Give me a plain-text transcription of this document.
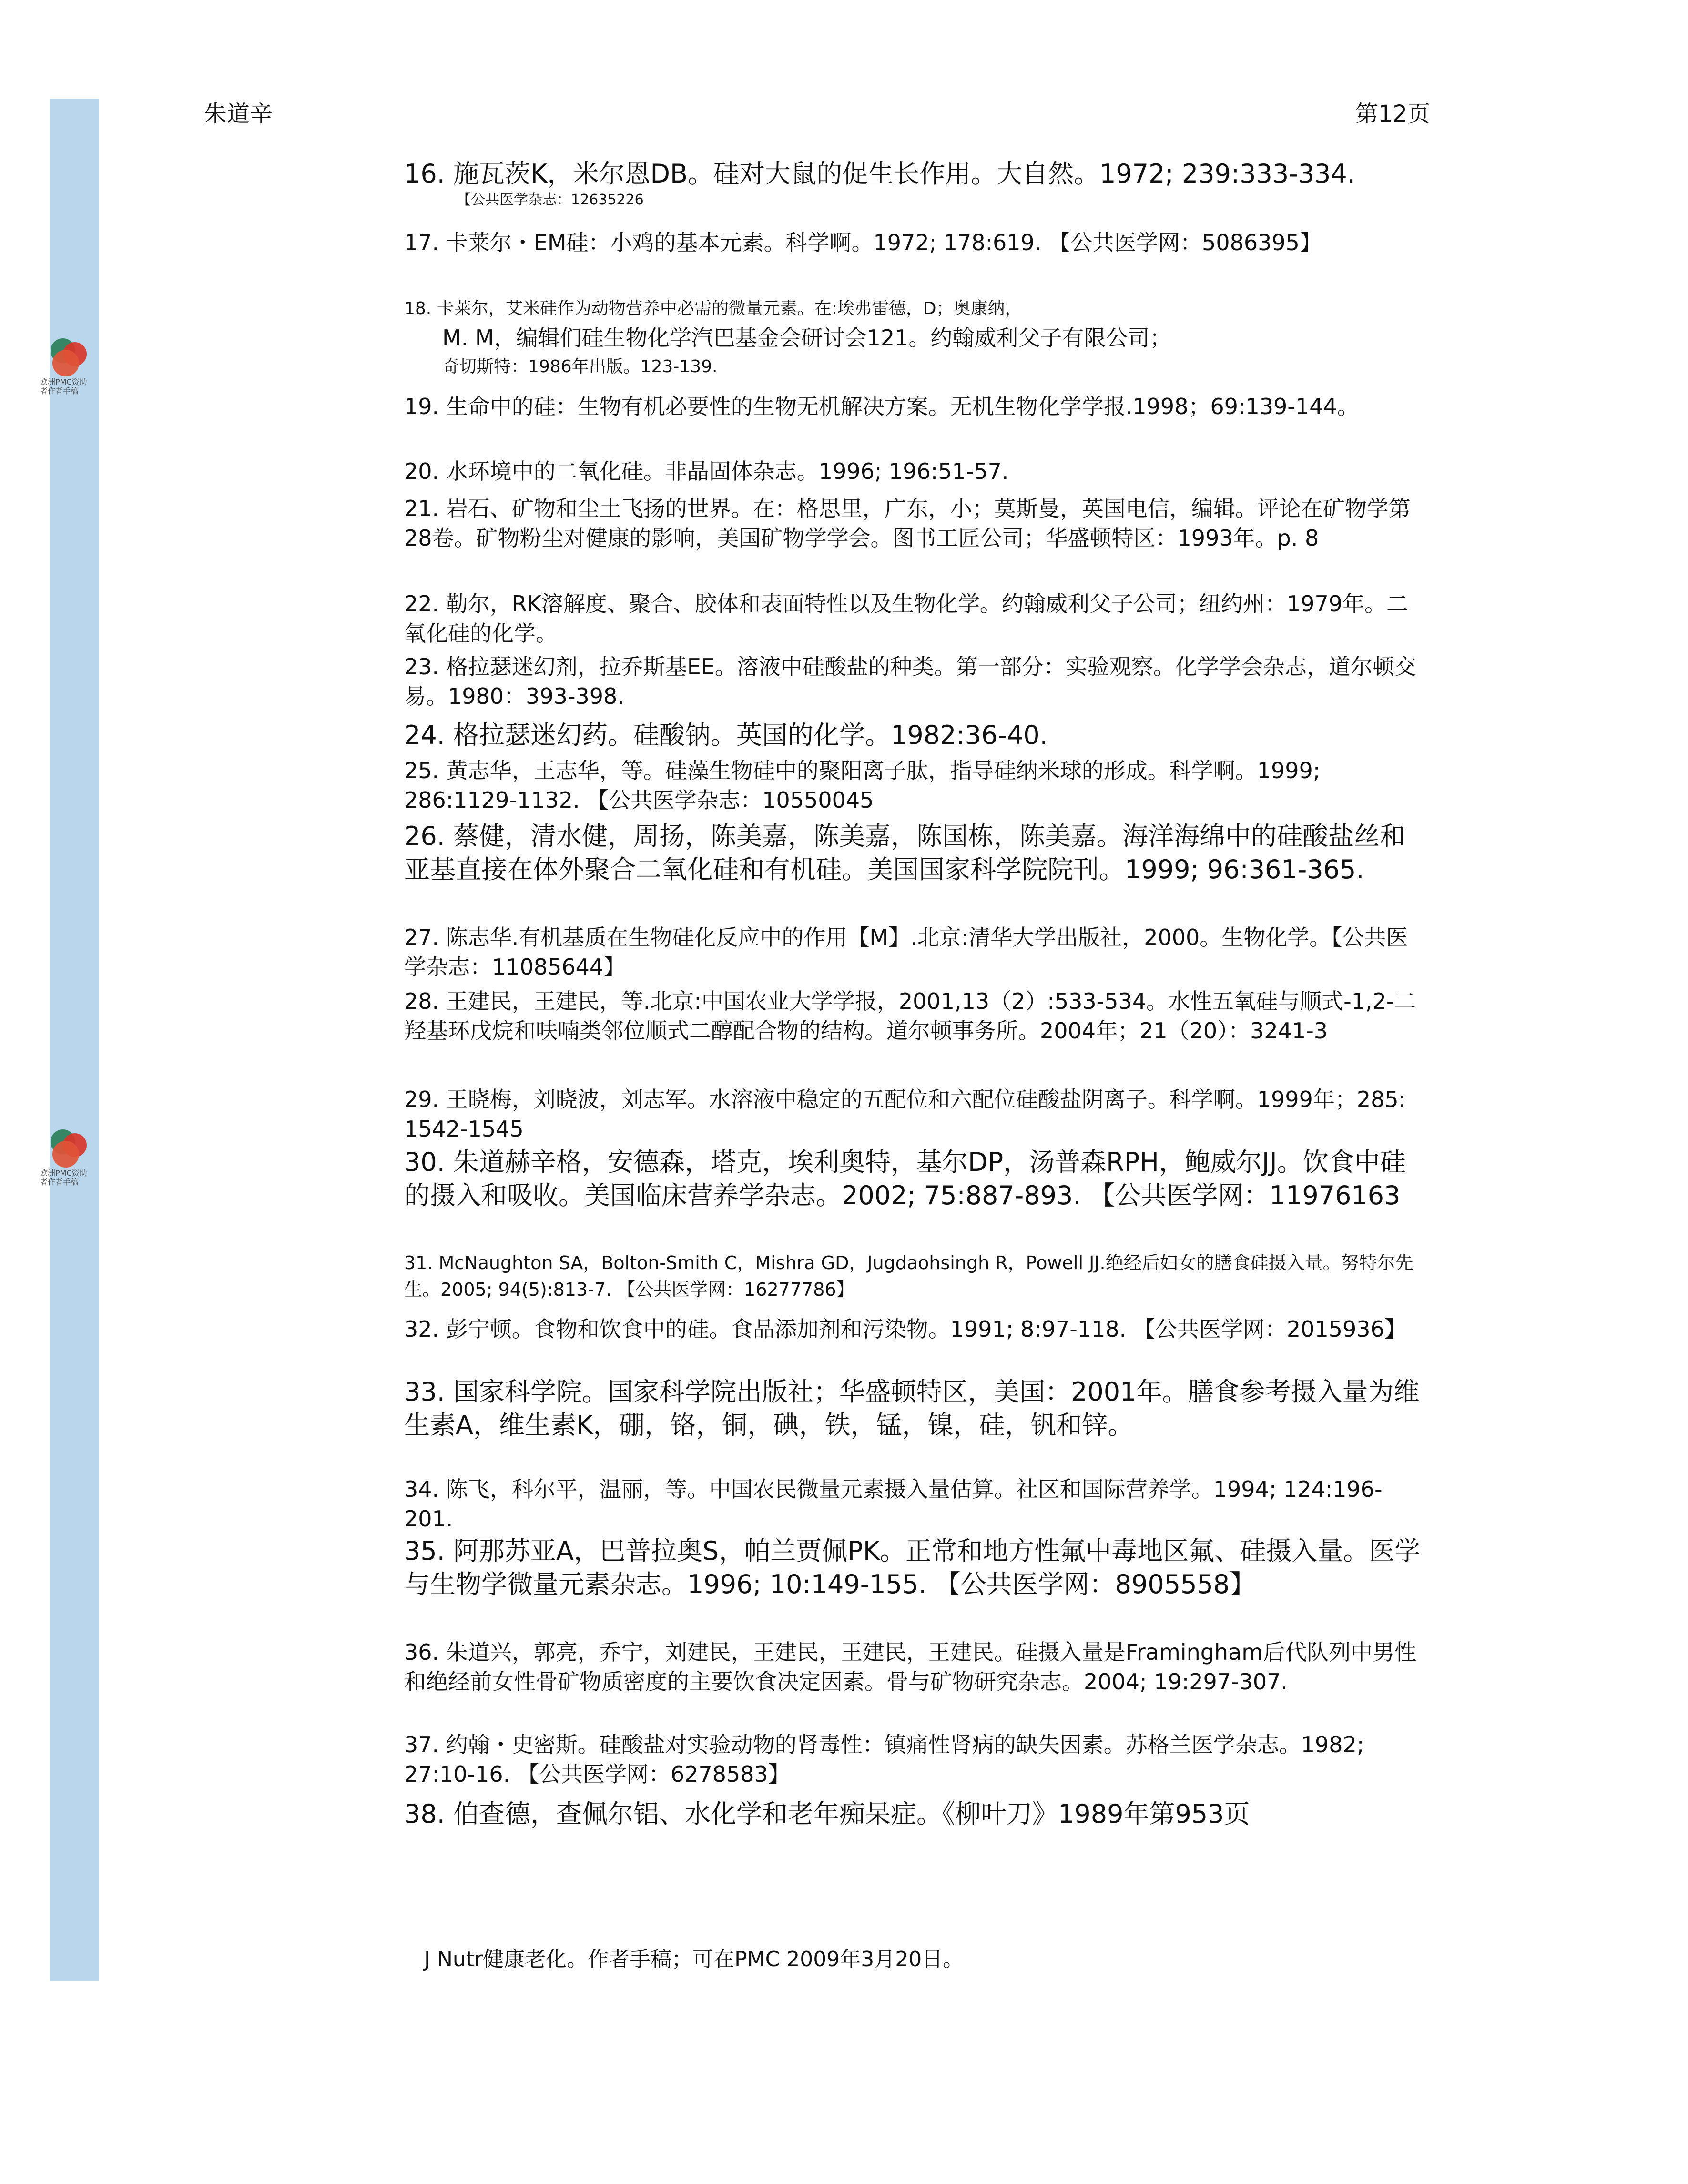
欧洲PMC资助者作者手稿
欧洲PMC资助者作者手稿
朱道辛	第12页
16. 施瓦茨K，米尔恩DB。硅对大鼠的促生长作用。大自然。1972; 239:333-334.
【公共医学杂志：12635226
17. 卡莱尔・EM硅：小鸡的基本元素。科学啊。1972; 178:619. 【公共医学网：5086395】
18. 卡莱尔，艾米硅作为动物营养中必需的微量元素。在:埃弗雷德，D；奥康纳，
M. M，编辑们硅生物化学汽巴基金会研讨会121。约翰威利父子有限公司；
奇切斯特：1986年出版。123-139.
19. 生命中的硅：生物有机必要性的生物无机解决方案。无机生物化学学报.1998；69:139-144。
20. 水环境中的二氧化硅。非晶固体杂志。1996; 196:51-57.
21. 岩石、矿物和尘土飞扬的世界。在：格思里，广东，小；莫斯曼，英国电信，编辑。评论在矿物学第28卷。矿物粉尘对健康的影响，美国矿物学学会。图书工匠公司；华盛顿特区：1993年。p. 8
22. 勒尔，RK溶解度、聚合、胶体和表面特性以及生物化学。约翰威利父子公司；纽约州：1979年。二氧化硅的化学。
23. 格拉瑟迷幻剂，拉乔斯基EE。溶液中硅酸盐的种类。第一部分：实验观察。化学学会杂志，道尔顿交易。1980：393-398.
24. 格拉瑟迷幻药。硅酸钠。英国的化学。1982:36-40.
25. 黄志华，王志华，等。硅藻生物硅中的聚阳离子肽，指导硅纳米球的形成。科学啊。1999; 286:1129-1132. 【公共医学杂志：10550045
26. 蔡健，清水健，周扬，陈美嘉，陈美嘉，陈国栋，陈美嘉。海洋海绵中的硅酸盐丝和亚基直接在体外聚合二氧化硅和有机硅。美国国家科学院院刊。1999; 96:361-365.
27. 陈志华.有机基质在生物硅化反应中的作用【M】.北京:清华大学出版社，2000。生物化学。【公共医学杂志：11085644】
28. 王建民，王建民，等.北京:中国农业大学学报，2001,13（2）:533-534。水性五氧硅与顺式-1,2-二羟基环戊烷和呋喃类邻位顺式二醇配合物的结构。道尔顿事务所。2004年；21（20）：3241-3
29. 王晓梅，刘晓波，刘志军。水溶液中稳定的五配位和六配位硅酸盐阴离子。科学啊。1999年；285: 1542-1545
30. 朱道赫辛格，安德森，塔克，埃利奥特，基尔DP，汤普森RPH，鲍威尔JJ。饮食中硅的摄入和吸收。美国临床营养学杂志。2002; 75:887-893. 【公共医学网：11976163
31. McNaughton SA，Bolton-Smith C，Mishra GD，Jugdaohsingh R，Powell JJ.绝经后妇女的膳食硅摄入量。努特尔先生。2005; 94(5):813-7. 【公共医学网：16277786】
32. 彭宁顿。食物和饮食中的硅。食品添加剂和污染物。1991; 8:97-118. 【公共医学网：2015936】
33. 国家科学院。国家科学院出版社；华盛顿特区，美国：2001年。膳食参考摄入量为维生素A，维生素K，硼，铬，铜，碘，铁，锰，镍，硅，钒和锌。
34. 陈飞，科尔平，温丽，等。中国农民微量元素摄入量估算。社区和国际营养学。1994; 124:196-201.
35. 阿那苏亚A，巴普拉奥S，帕兰贾佩PK。正常和地方性氟中毒地区氟、硅摄入量。医学与生物学微量元素杂志。1996; 10:149-155. 【公共医学网：8905558】
36. 朱道兴，郭亮，乔宁，刘建民，王建民，王建民，王建民。硅摄入量是Framingham后代队列中男性和绝经前女性骨矿物质密度的主要饮食决定因素。骨与矿物研究杂志。2004; 19:297-307.
37. 约翰・史密斯。硅酸盐对实验动物的肾毒性：镇痛性肾病的缺失因素。苏格兰医学杂志。1982; 27:10-16. 【公共医学网：6278583】
38. 伯查德，查佩尔铝、水化学和老年痴呆症。《柳叶刀》1989年第953页
J Nutr健康老化。作者手稿；可在PMC 2009年3月20日。
